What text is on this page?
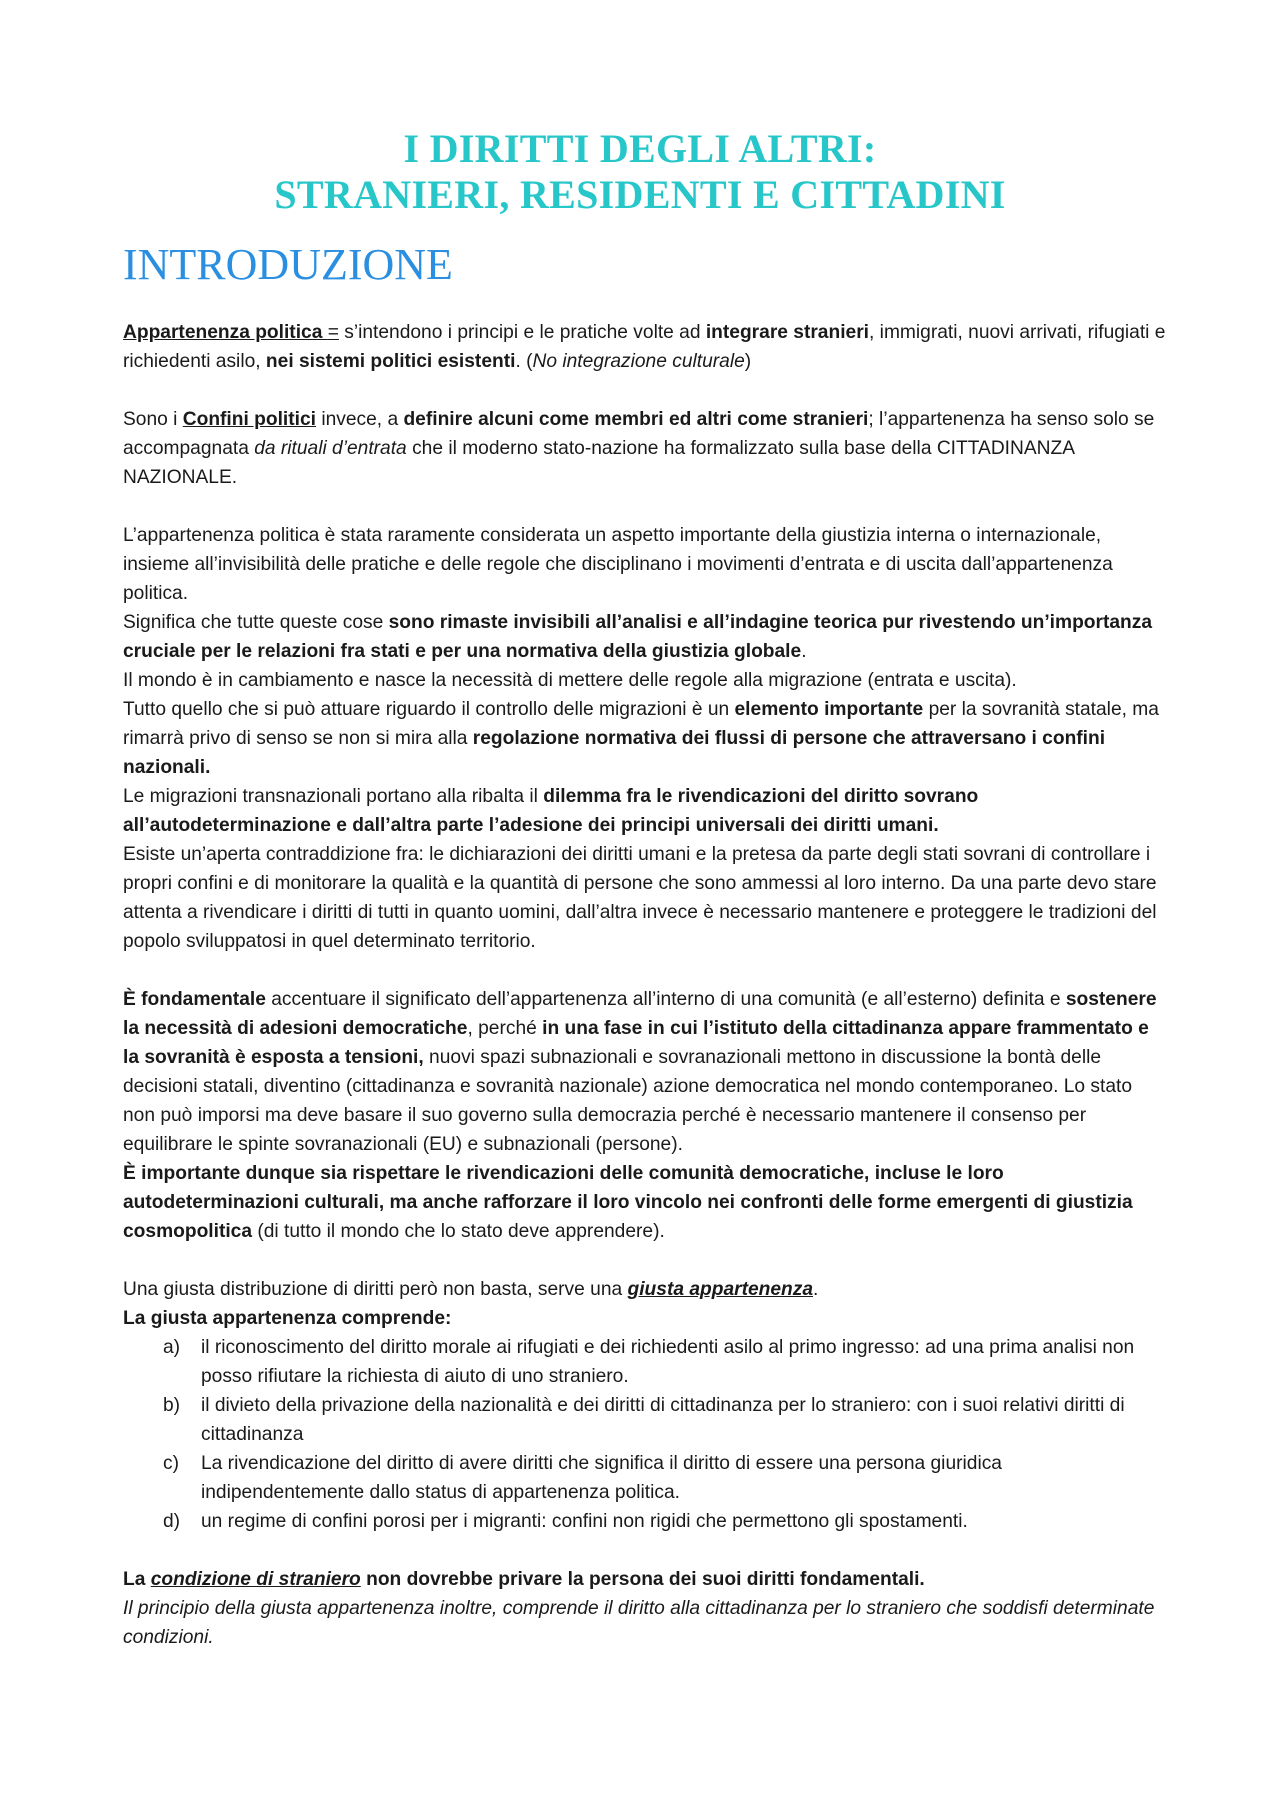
I DIRITTI DEGLI ALTRI:
STRANIERI, RESIDENTI E CITTADINI
INTRODUZIONE

Appartenenza politica = s’intendono i principi e le pratiche volte ad integrare stranieri, immigrati, nuovi arrivati, rifugiati e richiedenti asilo, nei sistemi politici esistenti. (No integrazione culturale)

Sono i Confini politici invece, a definire alcuni come membri ed altri come stranieri; l’appartenenza ha senso solo se accompagnata da rituali d’entrata che il moderno stato-nazione ha formalizzato sulla base della CITTADINANZA NAZIONALE.

L’appartenenza politica è stata raramente considerata un aspetto importante della giustizia interna o internazionale, insieme all’invisibilità delle pratiche e delle regole che disciplinano i movimenti d’entrata e di uscita dall’appartenenza politica.

Significa che tutte queste cose sono rimaste invisibili all’analisi e all’indagine teorica pur rivestendo un’importanza cruciale per le relazioni fra stati e per una normativa della giustizia globale.

Il mondo è in cambiamento e nasce la necessità di mettere delle regole alla migrazione (entrata e uscita).

Tutto quello che si può attuare riguardo il controllo delle migrazioni è un elemento importante per la sovranità statale, ma rimarrà privo di senso se non si mira alla regolazione normativa dei flussi di persone che attraversano i confini nazionali.

Le migrazioni transnazionali portano alla ribalta il dilemma fra le rivendicazioni del diritto sovrano all’autodeterminazione e dall’altra parte l’adesione dei principi universali dei diritti umani.

Esiste un’aperta contraddizione fra: le dichiarazioni dei diritti umani e la pretesa da parte degli stati sovrani di controllare i propri confini e di monitorare la qualità e la quantità di persone che sono ammessi al loro interno. Da una parte devo stare attenta a rivendicare i diritti di tutti in quanto uomini, dall’altra invece è necessario mantenere e proteggere le tradizioni del popolo sviluppatosi in quel determinato territorio.

È fondamentale accentuare il significato dell’appartenenza all’interno di una comunità (e all’esterno) definita e sostenere la necessità di adesioni democratiche, perché in una fase in cui l’istituto della cittadinanza appare frammentato e la sovranità è esposta a tensioni, nuovi spazi subnazionali e sovranazionali mettono in discussione la bontà delle decisioni statali, diventino (cittadinanza e sovranità nazionale) azione democratica nel mondo contemporaneo. Lo stato non può imporsi ma deve basare il suo governo sulla democrazia perché è necessario mantenere il consenso per equilibrare le spinte sovranazionali (EU) e subnazionali (persone).

È importante dunque sia rispettare le rivendicazioni delle comunità democratiche, incluse le loro autodeterminazioni culturali, ma anche rafforzare il loro vincolo nei confronti delle forme emergenti di giustizia cosmopolitica (di tutto il mondo che lo stato deve apprendere).

Una giusta distribuzione di diritti però non basta, serve una giusta appartenenza.

La giusta appartenenza comprende:

a) il riconoscimento del diritto morale ai rifugiati e dei richiedenti asilo al primo ingresso: ad una prima analisi non posso rifiutare la richiesta di aiuto di uno straniero.
b) il divieto della privazione della nazionalità e dei diritti di cittadinanza per lo straniero: con i suoi relativi diritti di cittadinanza
c) La rivendicazione del diritto di avere diritti che significa il diritto di essere una persona giuridica indipendentemente dallo status di appartenenza politica.
d) un regime di confini porosi per i migranti: confini non rigidi che permettono gli spostamenti.

La condizione di straniero non dovrebbe privare la persona dei suoi diritti fondamentali.

Il principio della giusta appartenenza inoltre, comprende il diritto alla cittadinanza per lo straniero che soddisfi determinate condizioni.
